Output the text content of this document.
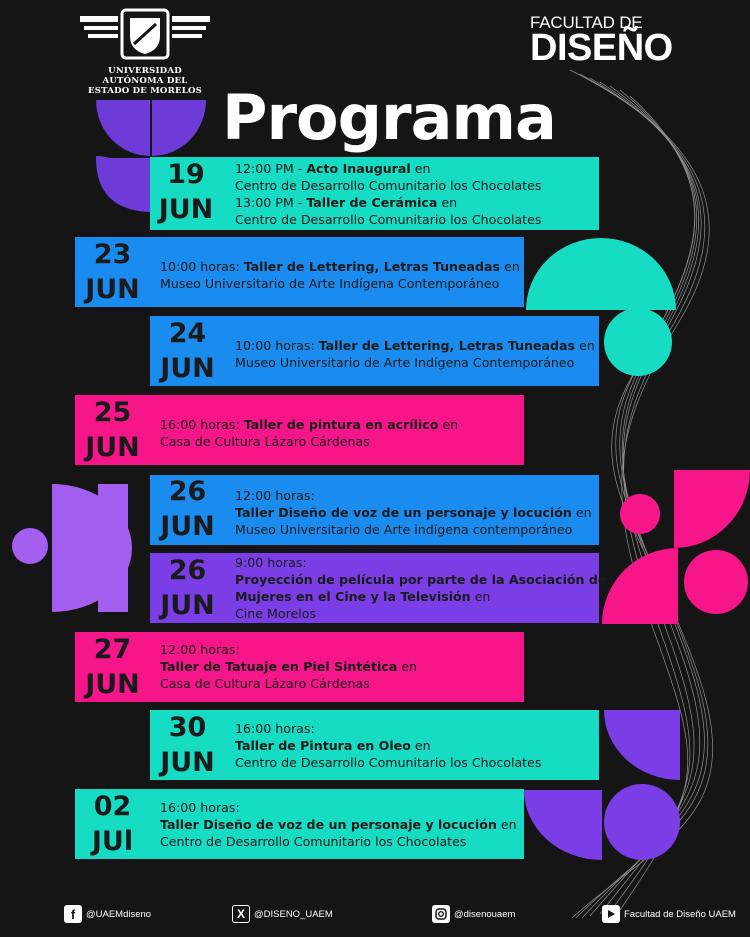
UNIVERSIDAD AUTÓNOMA DEL
ESTADO DE MORELOS
FACULTAD DE
DISEÑO
Programa
19
JUN
12:00 PM - Acto Inaugural en
Centro de Desarrollo Comunitario los Chocolates
13:00 PM - Taller de Cerámica en
Centro de Desarrollo Comunitario los Chocolates
23
JUN
10:00 horas: Taller de Lettering, Letras Tuneadas en
Museo Universitario de Arte Indígena Contemporáneo
24
JUN
10:00 horas: Taller de Lettering, Letras Tuneadas en
Museo Universitario de Arte Indígena Contemporáneo
25
JUN
16:00 horas: Taller de pintura en acrílico en
Casa de Cultura Lázaro Cárdenas
26
JUN
12:00 horas:
Taller Diseño de voz de un personaje y locución en
Museo Universitario de Arte indígena contemporáneo
26
JUN
9:00 horas:
Proyección de película por parte de la Asociación de
Mujeres en el Cine y la Televisión en
Cine Morelos
27
JUN
12:00 horas:
Taller de Tatuaje en Piel Sintética en
Casa de Cultura Lázaro Cárdenas
30
JUN
16:00 horas:
Taller de Pintura en Oleo en
Centro de Desarrollo Comunitario los Chocolates
02
JUl
16:00 horas:
Taller Diseño de voz de un personaje y locución en
Centro de Desarrollo Comunitario los Chocolates
f	@UAEMdiseno	X @DISENO_UAEM	@disenouaem	Facultad de Diseño UAEM
